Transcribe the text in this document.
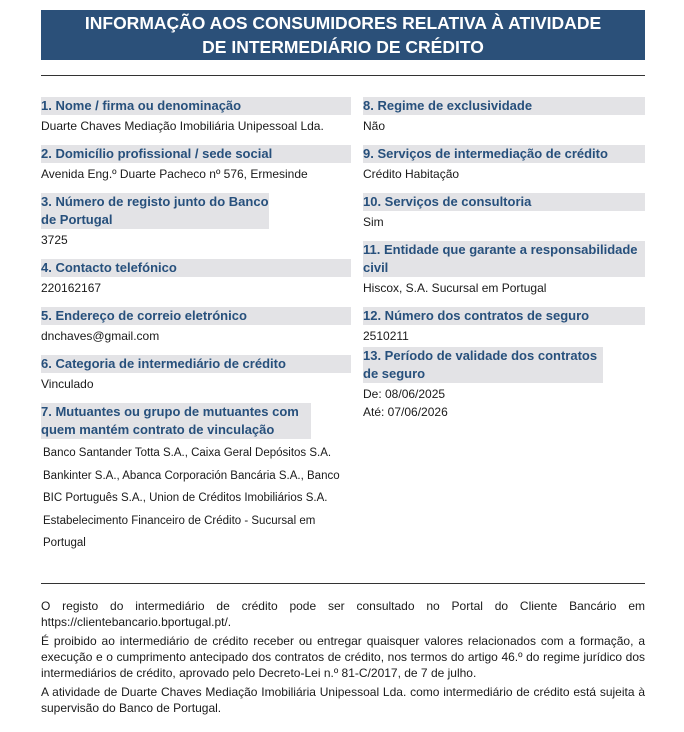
INFORMAÇÃO AOS CONSUMIDORES RELATIVA À ATIVIDADE
DE INTERMEDIÁRIO DE CRÉDITO
1. Nome / firma ou denominação
Duarte Chaves Mediação Imobiliária Unipessoal Lda.
2. Domicílio profissional / sede social
Avenida Eng.º Duarte Pacheco nº 576, Ermesinde
3. Número de registo junto do Banco de Portugal
3725
4. Contacto telefónico
220162167
5. Endereço de correio eletrónico
dnchaves@gmail.com
6. Categoria de intermediário de crédito
Vinculado
7. Mutuantes ou grupo de mutuantes com quem mantém contrato de vinculação
Banco Santander Totta S.A., Caixa Geral Depósitos S.A. Bankinter S.A., Abanca Corporación Bancária S.A., Banco BIC Português S.A., Union de Créditos Imobiliários S.A. Estabelecimento Financeiro de Crédito - Sucursal em Portugal
8. Regime de exclusividade
Não
9. Serviços de intermediação de crédito
Crédito Habitação
10. Serviços de consultoria
Sim
11. Entidade que garante a responsabilidade civil
Hiscox, S.A. Sucursal em Portugal
12. Número dos contratos de seguro
2510211
13. Período de validade dos contratos de seguro
De: 08/06/2025
Até: 07/06/2026

O registo do intermediário de crédito pode ser consultado no Portal do Cliente Bancário em https://clientebancario.bportugal.pt/.

É proibido ao intermediário de crédito receber ou entregar quaisquer valores relacionados com a formação, a execução e o cumprimento antecipado dos contratos de crédito, nos termos do artigo 46.º do regime jurídico dos intermediários de crédito, aprovado pelo Decreto-Lei n.º 81-C/2017, de 7 de julho.

A atividade de Duarte Chaves Mediação Imobiliária Unipessoal Lda. como intermediário de crédito está sujeita à supervisão do Banco de Portugal.
